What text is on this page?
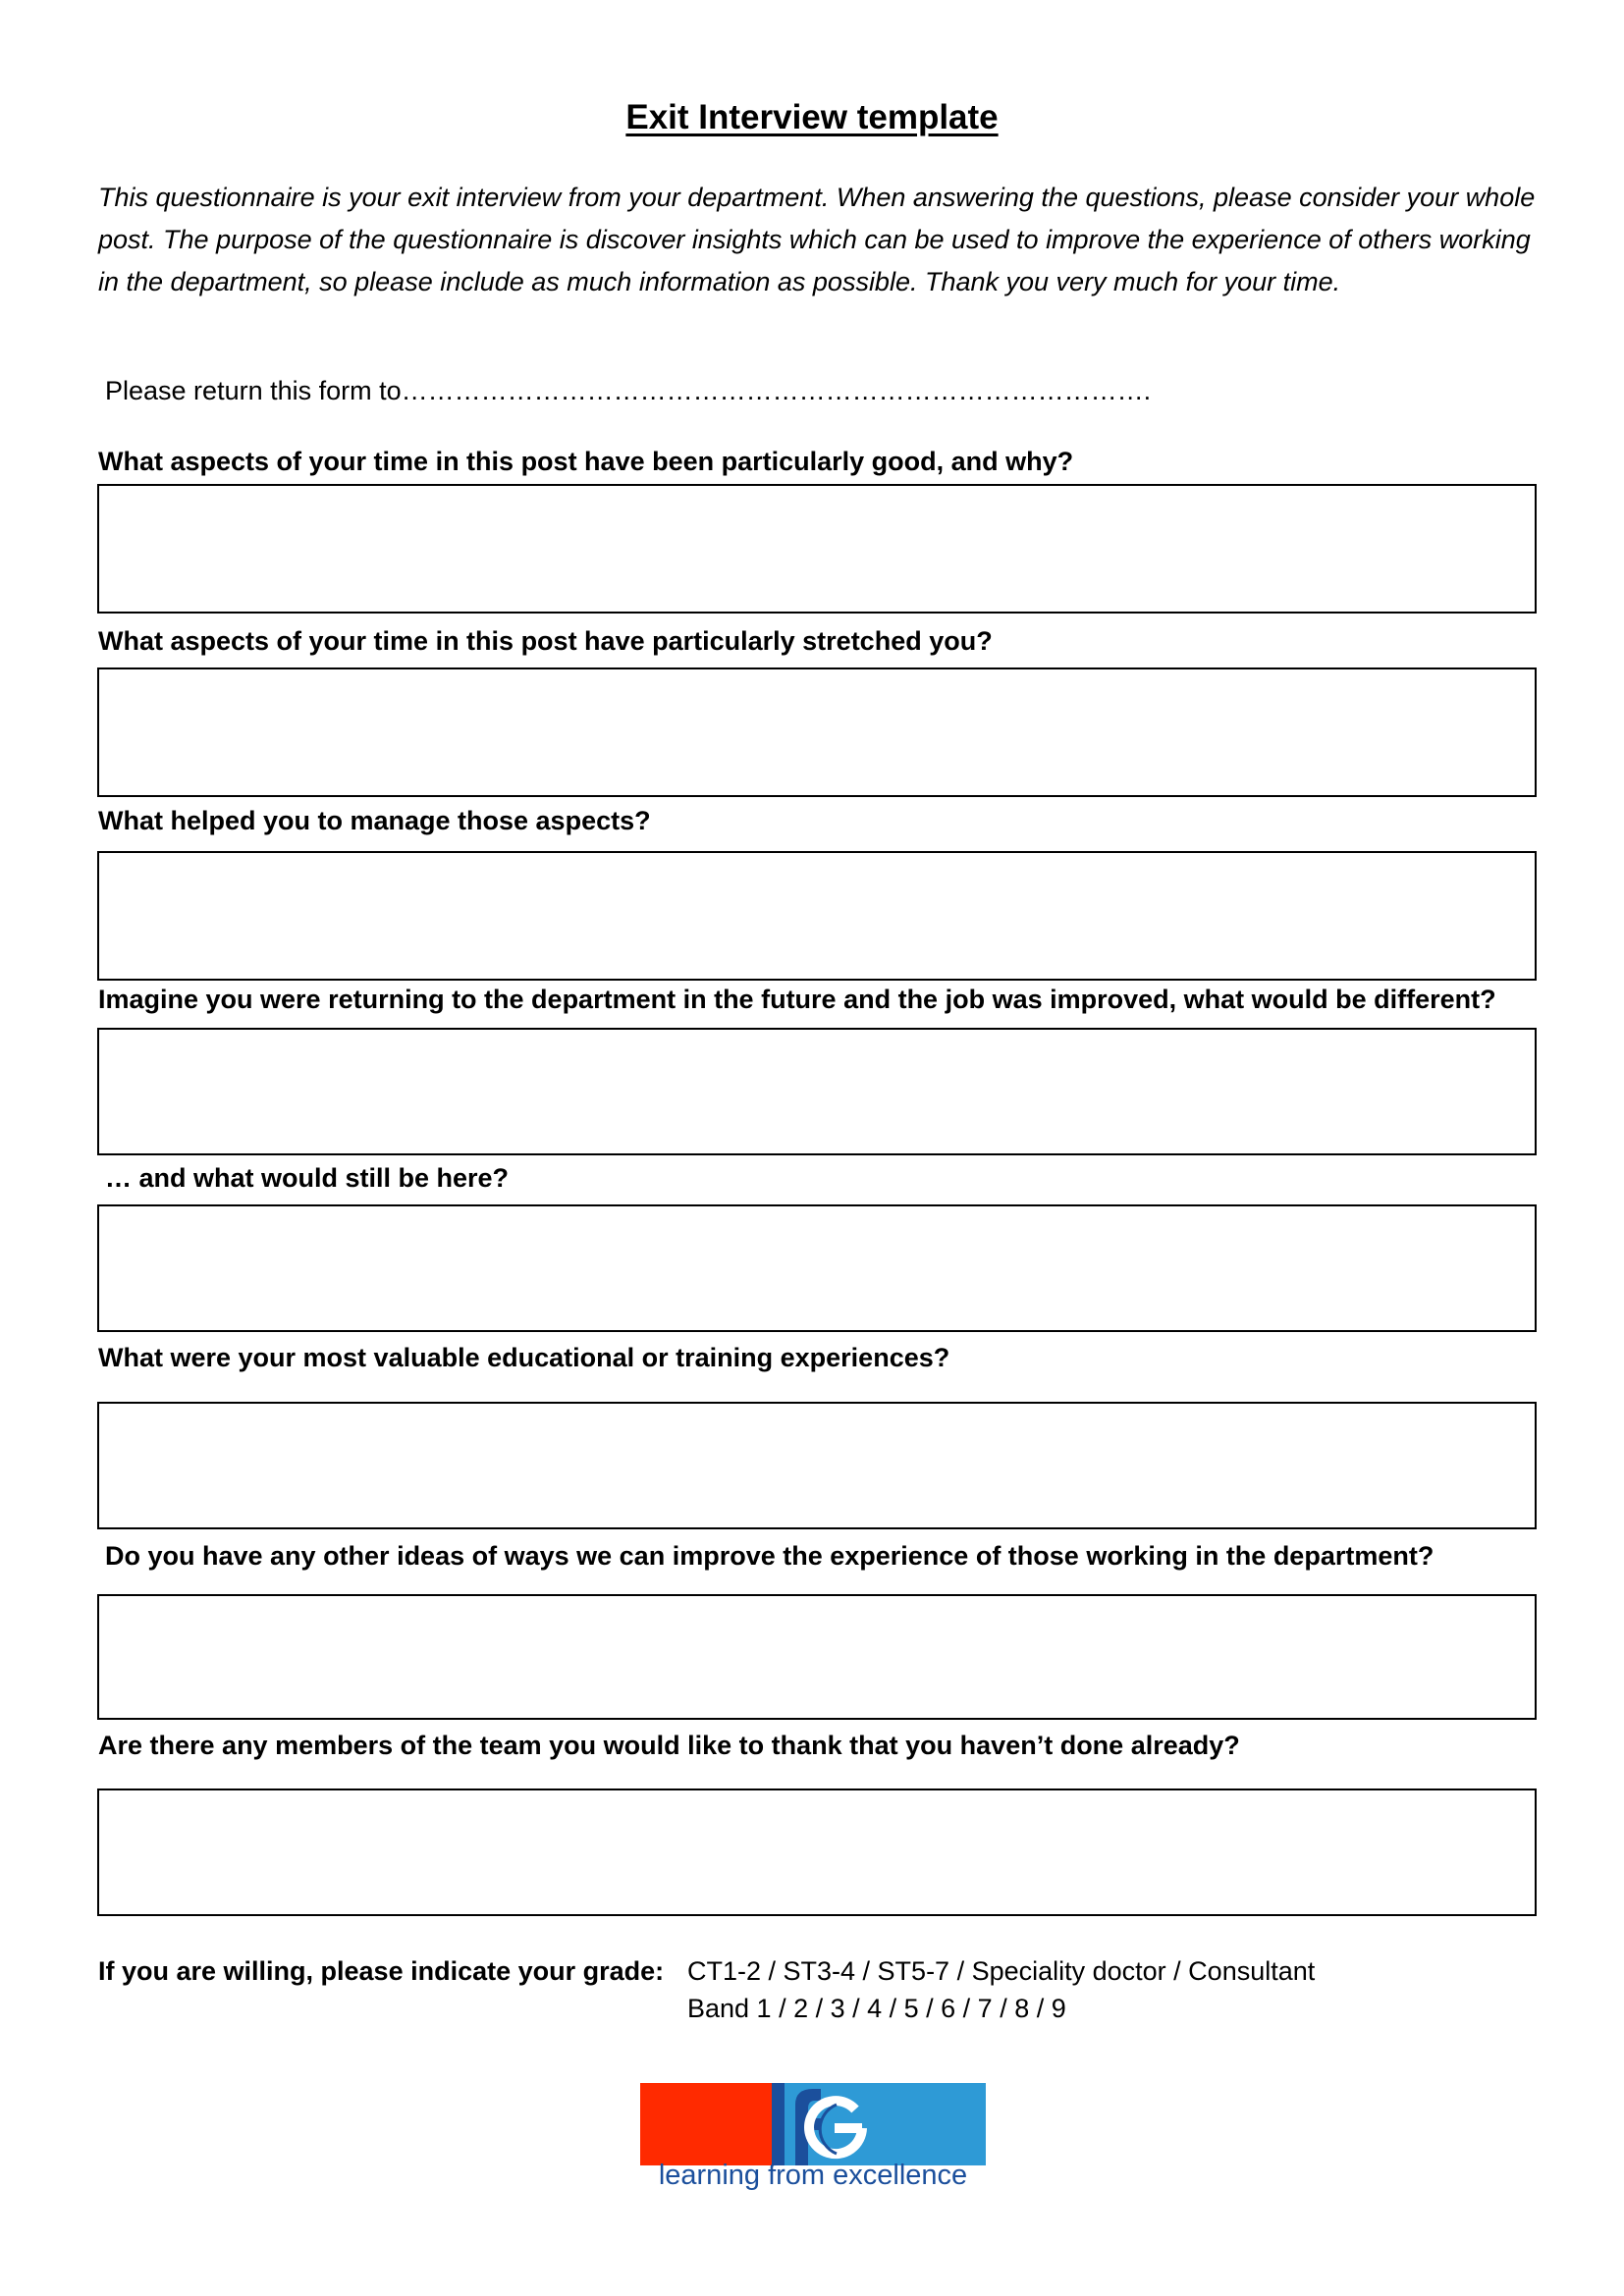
Exit Interview template

This questionnaire is your exit interview from your department. When answering the questions, please consider your whole post. The purpose of the questionnaire is discover insights which can be used to improve the experience of others working in the department, so please include as much information as possible. Thank you very much for your time.

Please return this form to………………………………………………………………………….

What aspects of your time in this post have been particularly good, and why?

What aspects of your time in this post have particularly stretched you?

What helped you to manage those aspects?

Imagine you were returning to the department in the future and the job was improved, what would be different?

… and what would still be here?

What were your most valuable educational or training experiences?

Do you have any other ideas of ways we can improve the experience of those working in the department?

Are there any members of the team you would like to thank that you haven’t done already?

If you are willing, please indicate your grade: CT1-2 / ST3-4 / ST5-7 / Speciality doctor / Consultant

Band 1 / 2 / 3 / 4 / 5 / 6 / 7 / 8 / 9

learning from excellence
